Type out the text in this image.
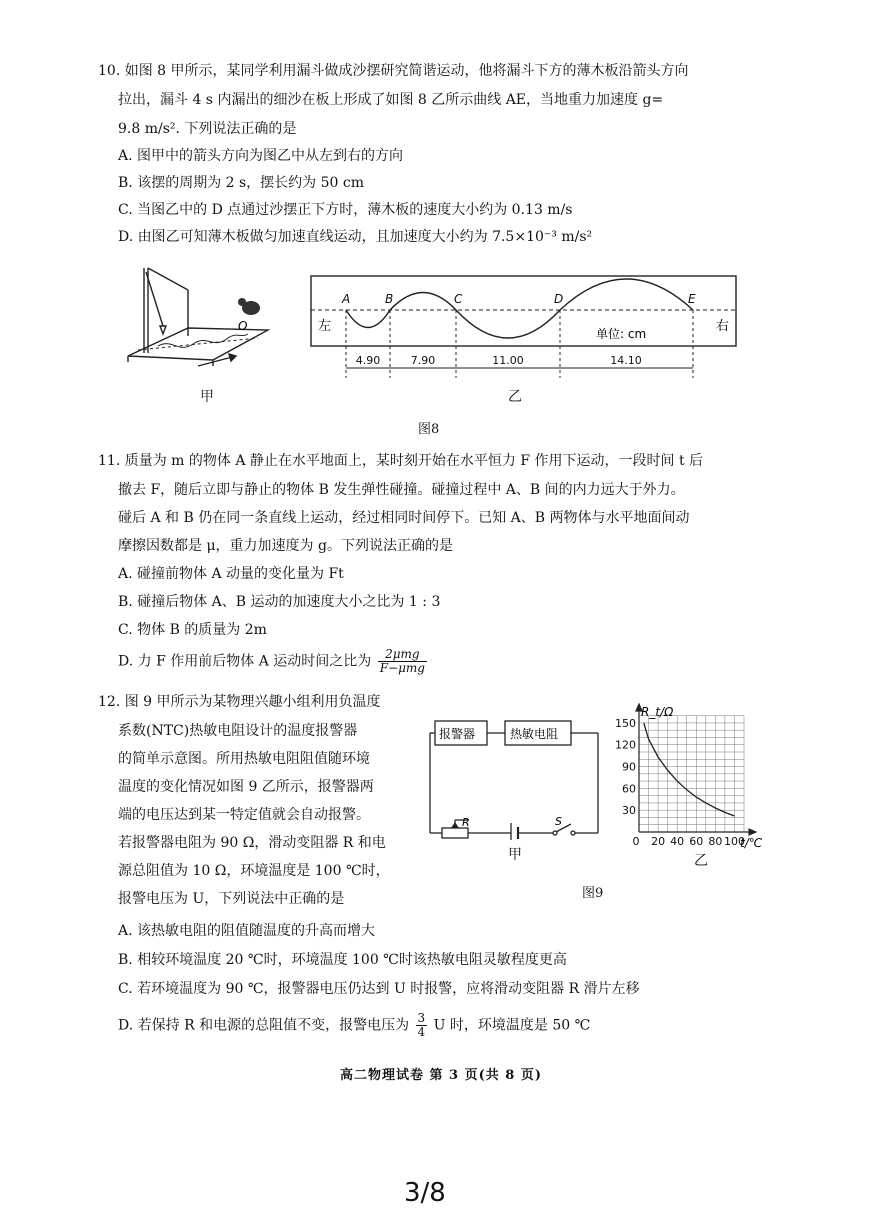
10. 如图 8 甲所示，某同学利用漏斗做成沙摆研究简谐运动，他将漏斗下方的薄木板沿箭头方向
拉出，漏斗 4 s 内漏出的细沙在板上形成了如图 8 乙所示曲线 AE，当地重力加速度 g=
9.8 m/s². 下列说法正确的是
A. 图甲中的箭头方向为图乙中从左到右的方向
B. 该摆的周期为 2 s，摆长约为 50 cm
C. 当图乙中的 D 点通过沙摆正下方时，薄木板的速度大小约为 0.13 m/s
D. 由图乙可知薄木板做匀加速直线运动，且加速度大小约为 7.5×10⁻³ m/s²
O
甲
A	B	C	D	E
左	右
单位: cm
4.90	7.90	11.00	14.10
乙
图8
11. 质量为 m 的物体 A 静止在水平地面上，某时刻开始在水平恒力 F 作用下运动，一段时间 t 后
撤去 F，随后立即与静止的物体 B 发生弹性碰撞。碰撞过程中 A、B 间的内力远大于外力。
碰后 A 和 B 仍在同一条直线上运动，经过相同时间停下。已知 A、B 两物体与水平地面间动
摩擦因数都是 μ，重力加速度为 g。下列说法正确的是
A. 碰撞前物体 A 动量的变化量为 Ft
B. 碰撞后物体 A、B 运动的加速度大小之比为 1 : 3
C. 物体 B 的质量为 2m
D. 力 F 作用前后物体 A 运动时间之比为 $\frac{\text{2μmg}}{\text{F−μmg}}$
12. 图 9 甲所示为某物理兴趣小组利用负温度
系数(NTC)热敏电阻设计的温度报警器
的简单示意图。所用热敏电阻阻值随环境
温度的变化情况如图 9 乙所示，报警器两
端的电压达到某一特定值就会自动报警。
若报警器电阻为 90 Ω，滑动变阻器 R 和电
源总阻值为 10 Ω，环境温度是 100 ℃时，
报警电压为 U，下列说法中正确的是
A. 该热敏电阻的阻值随温度的升高而增大
B. 相较环境温度 20 ℃时，环境温度 100 ℃时该热敏电阻灵敏程度更高
C. 若环境温度为 90 ℃，报警器电压仍达到 U 时报警，应将滑动变阻器 R 滑片左移
D. 若保持 R 和电源的总阻值不变，报警电压为 $\frac{3}{4}$ U 时，环境温度是 50 ℃
报警器	热敏电阻
R	S
甲
30
60
90
120
150
0 20 40 60 80 100
R_t/Ω
t/℃
乙
图9
高二物理试卷 第 3 页(共 8 页)
3/8
